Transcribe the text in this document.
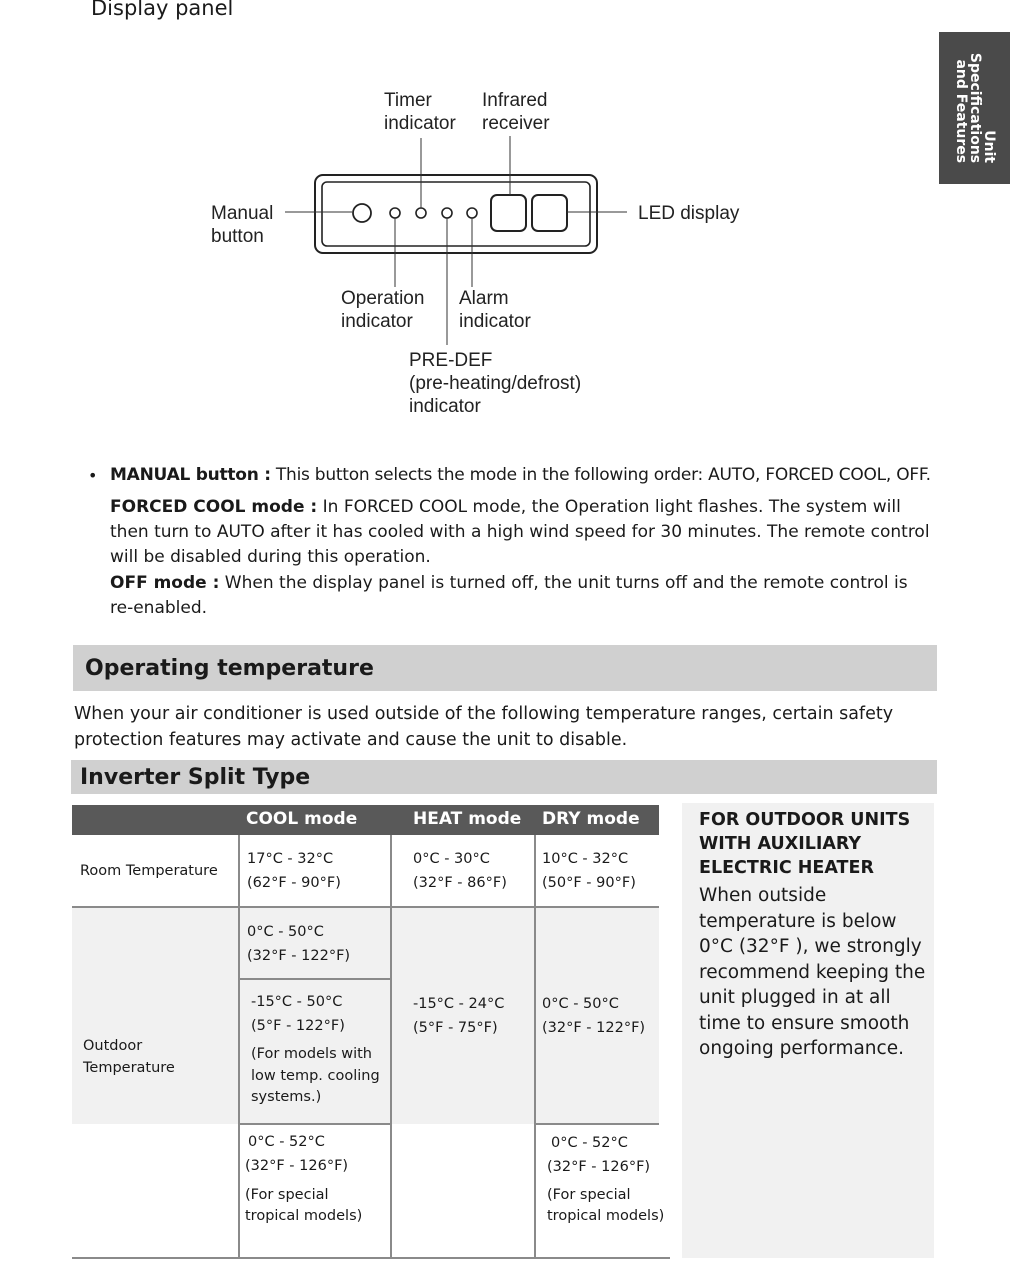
Display panel
Unit
Specifications
and Features
Timer
indicator
Infrared
receiver
Manual
button
LED display
Operation
indicator
Alarm
indicator
PRE-DEF
(pre-heating/defrost)
indicator
• MANUAL button : This button selects the mode in the following order: AUTO, FORCED COOL, OFF.
FORCED COOL mode : In FORCED COOL mode, the Operation light flashes. The system will then turn to AUTO after it has cooled with a high wind speed for 30 minutes. The remote control will be disabled during this operation.
OFF mode : When the display panel is turned off, the unit turns off and the remote control is re-enabled.
Operating temperature
When your air conditioner is used outside of the following temperature ranges, certain safety protection features may activate and cause the unit to disable.
Inverter Split Type
COOL mode	HEAT mode DRY mode
Room Temperature
17°C - 32°C
(62°F - 90°F)
0°C - 30°C
(32°F - 86°F)
10°C - 32°C
(50°F - 90°F)
Outdoor
Temperature
0°C - 50°C
(32°F - 122°F)
-15°C - 50°C
(5°F - 122°F)
(For models with
low temp. cooling
systems.)
-15°C - 24°C
(5°F - 75°F)
0°C - 50°C
(32°F - 122°F)
0°C - 52°C
(32°F - 126°F)
(For special
tropical models)
0°C - 52°C
(32°F - 126°F)
(For special
tropical models)
FOR OUTDOOR UNITS WITH AUXILIARY ELECTRIC HEATER
When outside temperature is below 0°C (32°F ), we strongly recommend keeping the unit plugged in at all time to ensure smooth ongoing performance.
